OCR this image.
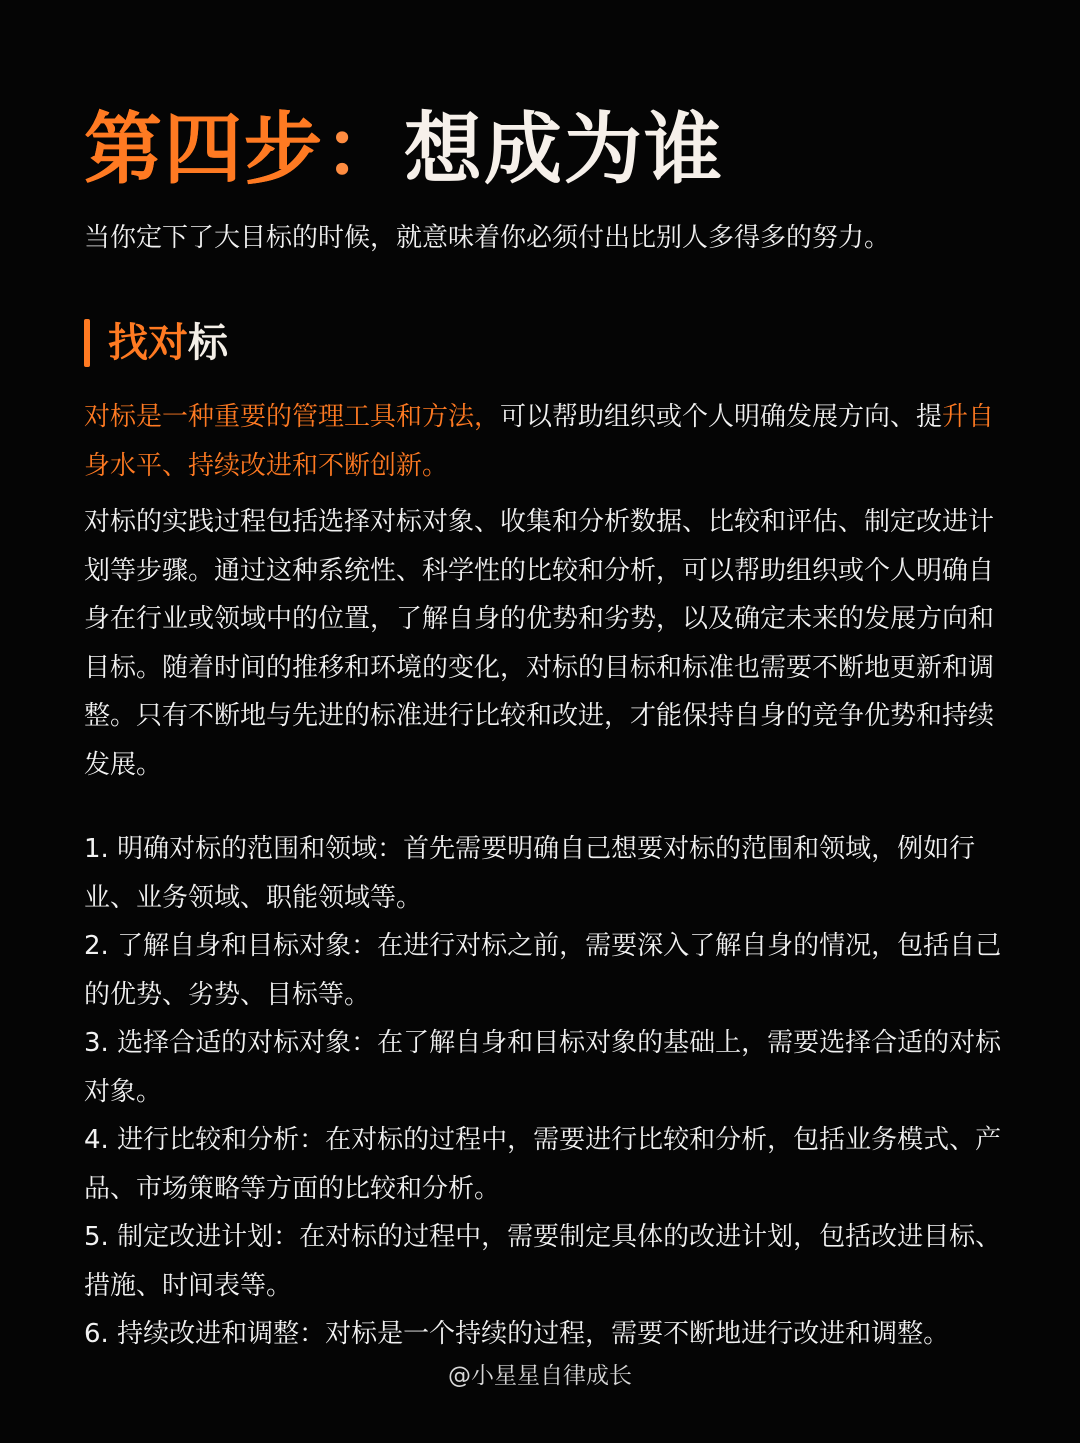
第四步：想成为谁
当你定下了大目标的时候，就意味着你必须付出比别人多得多的努力。
找对标
对标是一种重要的管理工具和方法，可以帮助组织或个人明确发展方向、提升自身水平、持续改进和不断创新。
对标的实践过程包括选择对标对象、收集和分析数据、比较和评估、制定改进计划等步骤。通过这种系统性、科学性的比较和分析，可以帮助组织或个人明确自身在行业或领域中的位置，了解自身的优势和劣势，以及确定未来的发展方向和目标。随着时间的推移和环境的变化，对标的目标和标准也需要不断地更新和调整。只有不断地与先进的标准进行比较和改进，才能保持自身的竞争优势和持续发展。

1. 明确对标的范围和领域：首先需要明确自己想要对标的范围和领域，例如行业、业务领域、职能领域等。

2. 了解自身和目标对象：在进行对标之前，需要深入了解自身的情况，包括自己的优势、劣势、目标等。

3. 选择合适的对标对象：在了解自身和目标对象的基础上，需要选择合适的对标对象。

4. 进行比较和分析：在对标的过程中，需要进行比较和分析，包括业务模式、产品、市场策略等方面的比较和分析。

5. 制定改进计划：在对标的过程中，需要制定具体的改进计划，包括改进目标、措施、时间表等。

6. 持续改进和调整：对标是一个持续的过程，需要不断地进行改进和调整。

@小星星自律成长
